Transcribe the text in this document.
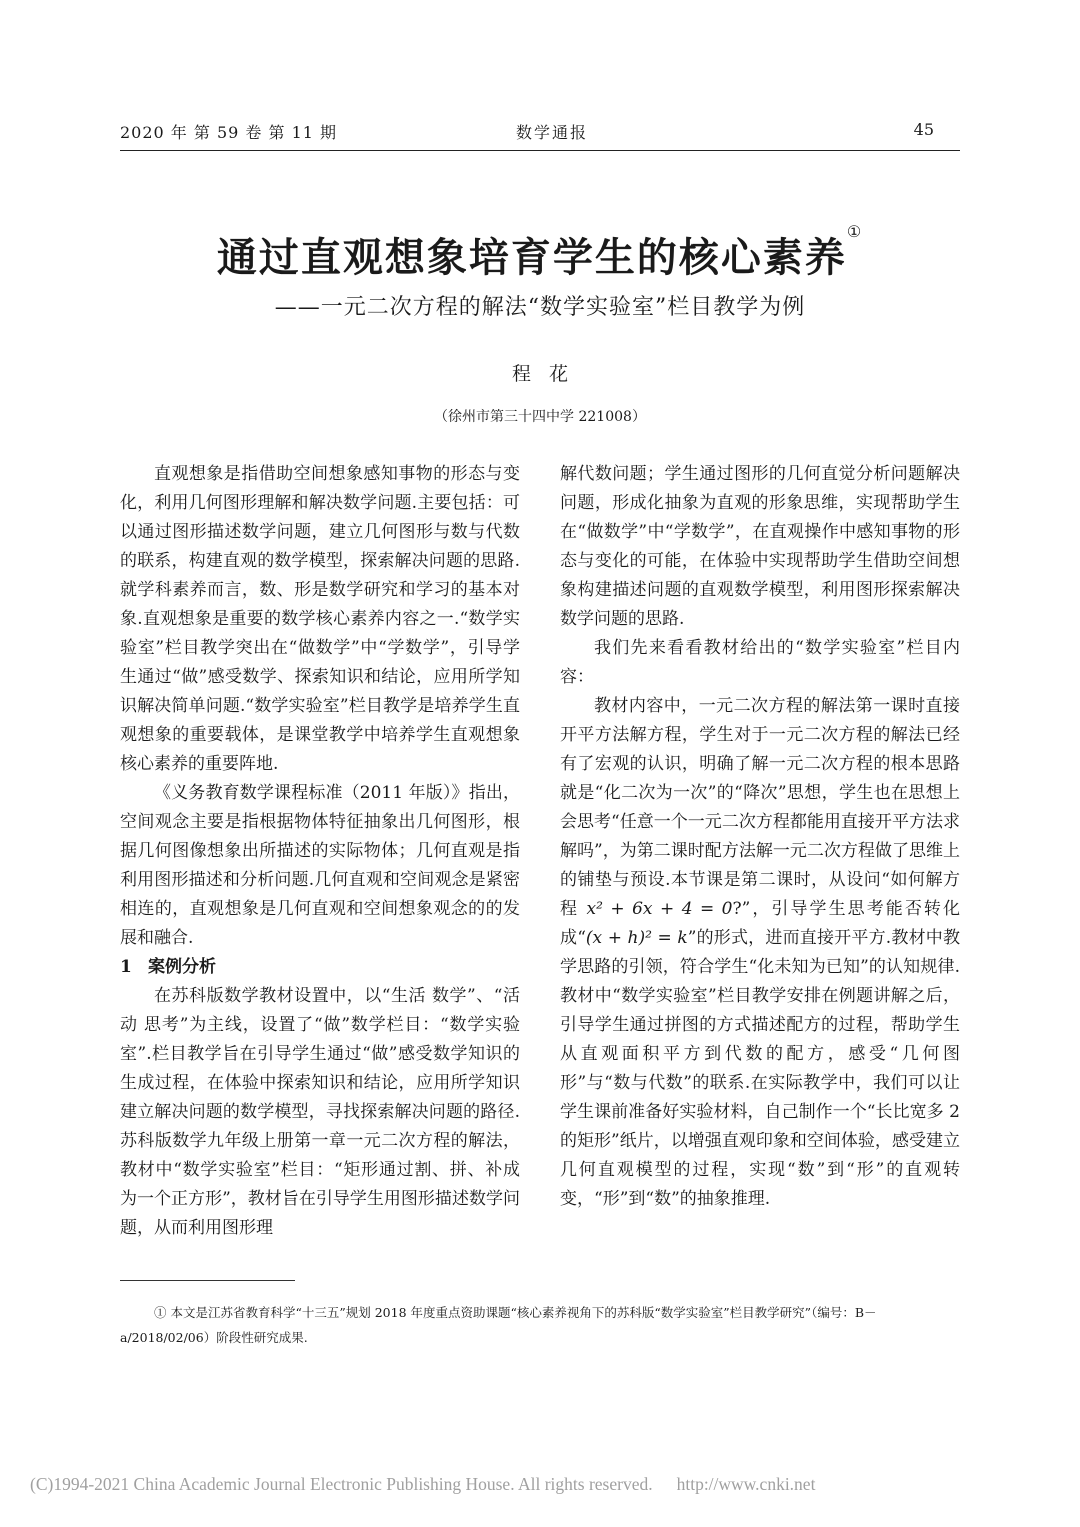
2020 年 第 59 卷 第 11 期	数学通报	45
通过直观想象培育学生的核心素养①
——一元二次方程的解法“数学实验室”栏目教学为例
程花
（徐州市第三十四中学 221008）

直观想象是指借助空间想象感知事物的形态与变化，利用几何图形理解和解决数学问题.主要包括：可以通过图形描述数学问题，建立几何图形与数与代数的联系，构建直观的数学模型，探索解决问题的思路.就学科素养而言，数、形是数学研究和学习的基本对象.直观想象是重要的数学核心素养内容之一.“数学实验室”栏目教学突出在“做数学”中“学数学”，引导学生通过“做”感受数学、探索知识和结论，应用所学知识解决简单问题.“数学实验室”栏目教学是培养学生直观想象的重要载体，是课堂教学中培养学生直观想象核心素养的重要阵地.

《义务教育数学课程标准（2011 年版）》指出，空间观念主要是指根据物体特征抽象出几何图形，根据几何图像想象出所描述的实际物体；几何直观是指利用图形描述和分析问题.几何直观和空间观念是紧密相连的，直观想象是几何直观和空间想象观念的的发展和融合.

1 案例分析

在苏科版数学教材设置中，以“生活 数学”、“活动 思考”为主线，设置了“做”数学栏目：“数学实验室”.栏目教学旨在引导学生通过“做”感受数学知识的生成过程，在体验中探索知识和结论，应用所学知识建立解决问题的数学模型，寻找探索解决问题的路径.苏科版数学九年级上册第一章一元二次方程的解法，教材中“数学实验室”栏目：“矩形通过割、拼、补成为一个正方形”，教材旨在引导学生用图形描述数学问题，从而利用图形理

解代数问题；学生通过图形的几何直觉分析问题解决问题，形成化抽象为直观的形象思维，实现帮助学生在“做数学”中“学数学”，在直观操作中感知事物的形态与变化的可能，在体验中实现帮助学生借助空间想象构建描述问题的直观数学模型，利用图形探索解决数学问题的思路.

我们先来看看教材给出的“数学实验室”栏目内容：

教材内容中，一元二次方程的解法第一课时直接开平方法解方程，学生对于一元二次方程的解法已经有了宏观的认识，明确了解一元二次方程的根本思路就是“化二次为一次”的“降次”思想，学生也在思想上会思考“任意一个一元二次方程都能用直接开平方法求解吗”，为第二课时配方法解一元二次方程做了思维上的铺垫与预设.本节课是第二课时，从设问“如何解方程 x² + 6x + 4 = 0?”，引导学生思考能否转化成“(x + h)² = k”的形式，进而直接开平方.教材中教学思路的引领，符合学生“化未知为已知”的认知规律.教材中“数学实验室”栏目教学安排在例题讲解之后，引导学生通过拼图的方式描述配方的过程，帮助学生从直观面积平方到代数的配方，感受“几何图形”与“数与代数”的联系.在实际教学中，我们可以让学生课前准备好实验材料，自己制作一个“长比宽多 2 的矩形”纸片，以增强直观印象和空间体验，感受建立几何直观模型的过程，实现“数”到“形”的直观转变，“形”到“数”的抽象推理.

① 本文是江苏省教育科学“十三五”规划 2018 年度重点资助课题“核心素养视角下的苏科版“数学实验室”栏目教学研究”（编号：B－a/2018/02/06）阶段性研究成果.
(C)1994-2021 China Academic Journal Electronic Publishing House. All rights reserved. http://www.cnki.net
